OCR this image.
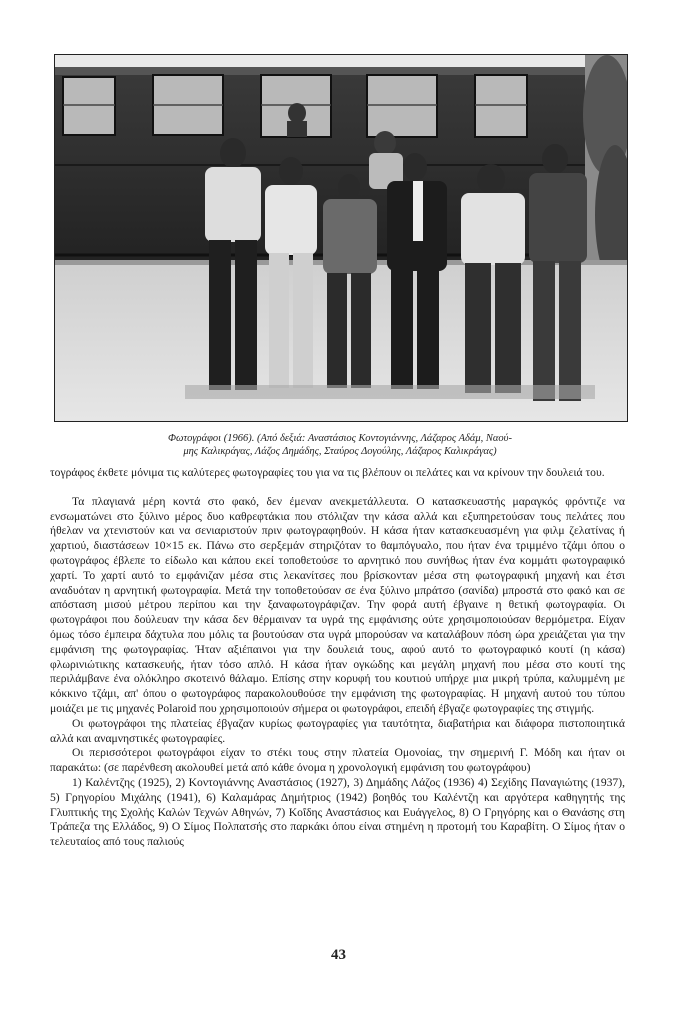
Φωτογράφοι (1966). (Από δεξιά: Αναστάσιος Κοντογιάννης, Λάζαρος Αδάμ, Ναού-
μης Καλικράγας, Λάζος Δημάδης, Σταύρος Δογούλης, Λάζαρος Καλικράγας)

τογράφος έκθετε μόνιμα τις καλύτερες φωτογραφίες του για να τις βλέπουν οι πελάτες και να κρίνουν την δουλειά του.

Τα πλαγιανά μέρη κοντά στο φακό, δεν έμεναν ανεκμετάλλευτα. Ο κατασκευαστής μαραγκός φρόντιζε να ενσωματώνει στο ξύλινο μέρος δυο καθρεφτάκια που στόλιζαν την κάσα αλλά και εξυπηρετούσαν τους πελάτες που ήθελαν να χτενιστούν και να σενιαριστούν πριν φωτογραφηθούν. Η κάσα ήταν κατασκευασμένη για φιλμ ζελατίνας ή χαρτιού, διαστάσεων 10×15 εκ. Πάνω στο σερξεμάν στηριζόταν το θαμπόγυαλο, που ήταν ένα τριμμένο τζάμι όπου ο φωτογράφος έβλεπε το είδωλο και κάπου εκεί τοποθετούσε το αρνητικό που συνήθως ήταν ένα κομμάτι φωτογραφικό χαρτί. Το χαρτί αυτό το εμφάνιζαν μέσα στις λεκανίτσες που βρίσκονταν μέσα στη φωτογραφική μηχανή και έτσι αναδυόταν η αρνητική φωτογραφία. Μετά την τοποθετούσαν σε ένα ξύλινο μπράτσο (σανίδα) μπροστά στο φακό και σε απόσταση μισού μέτρου περίπου και την ξαναφωτογράφιζαν. Την φορά αυτή έβγαινε η θετική φωτογραφία. Οι φωτογράφοι που δούλευαν την κάσα δεν θέρμαιναν τα υγρά της εμφάνισης ούτε χρησιμοποιούσαν θερμόμετρα. Είχαν όμως τόσο έμπειρα δάχτυλα που μόλις τα βουτούσαν στα υγρά μπορούσαν να καταλάβουν πόση ώρα χρειάζεται για την εμφάνιση της φωτογραφίας. Ήταν αξιέπαινοι για την δουλειά τους, αφού αυτό το φωτογραφικό κουτί (η κάσα) φλωρινιώτικης κατασκευής, ήταν τόσο απλό. Η κάσα ήταν ογκώδης και μεγάλη μηχανή που μέσα στο κουτί της περιλάμβανε ένα ολόκληρο σκοτεινό θάλαμο. Επίσης στην κορυφή του κουτιού υπήρχε μια μικρή τρύπα, καλυμμένη με κόκκινο τζάμι, απ' όπου ο φωτογράφος παρακολουθούσε την εμφάνιση της φωτογραφίας. Η μηχανή αυτού του τύπου μοιάζει με τις μηχανές Polaroid που χρησιμοποιούν σήμερα οι φωτογράφοι, επειδή έβγαζε φωτογραφίες της στιγμής.

Οι φωτογράφοι της πλατείας έβγαζαν κυρίως φωτογραφίες για ταυτότητα, διαβατήρια και διάφορα πιστοποιητικά αλλά και αναμνηστικές φωτογραφίες.

Οι περισσότεροι φωτογράφοι είχαν το στέκι τους στην πλατεία Ομονοίας, την σημερινή Γ. Μόδη και ήταν οι παρακάτω: (σε παρένθεση ακολουθεί μετά από κάθε όνομα η χρονολογική εμφάνιση του φωτογράφου)

1) Καλέντζης (1925), 2) Κοντογιάννης Αναστάσιος (1927), 3) Δημάδης Λάζος (1936) 4) Σεχίδης Παναγιώτης (1937), 5) Γρηγορίου Μιχάλης (1941), 6) Καλαμάρας Δημήτριος (1942) βοηθός του Καλέντζη και αργότερα καθηγητής της Γλυπτικής της Σχολής Καλών Τεχνών Αθηνών, 7) Κοΐδης Αναστάσιος και Ευάγγελος, 8) Ο Γρηγόρης και ο Θανάσης στη Τράπεζα της Ελλάδος, 9) Ο Σίμος Πολπατσής στο παρκάκι όπου είναι στημένη η προτομή του Καραβίτη. Ο Σίμος ήταν ο τελευταίος από τους παλιούς

43
